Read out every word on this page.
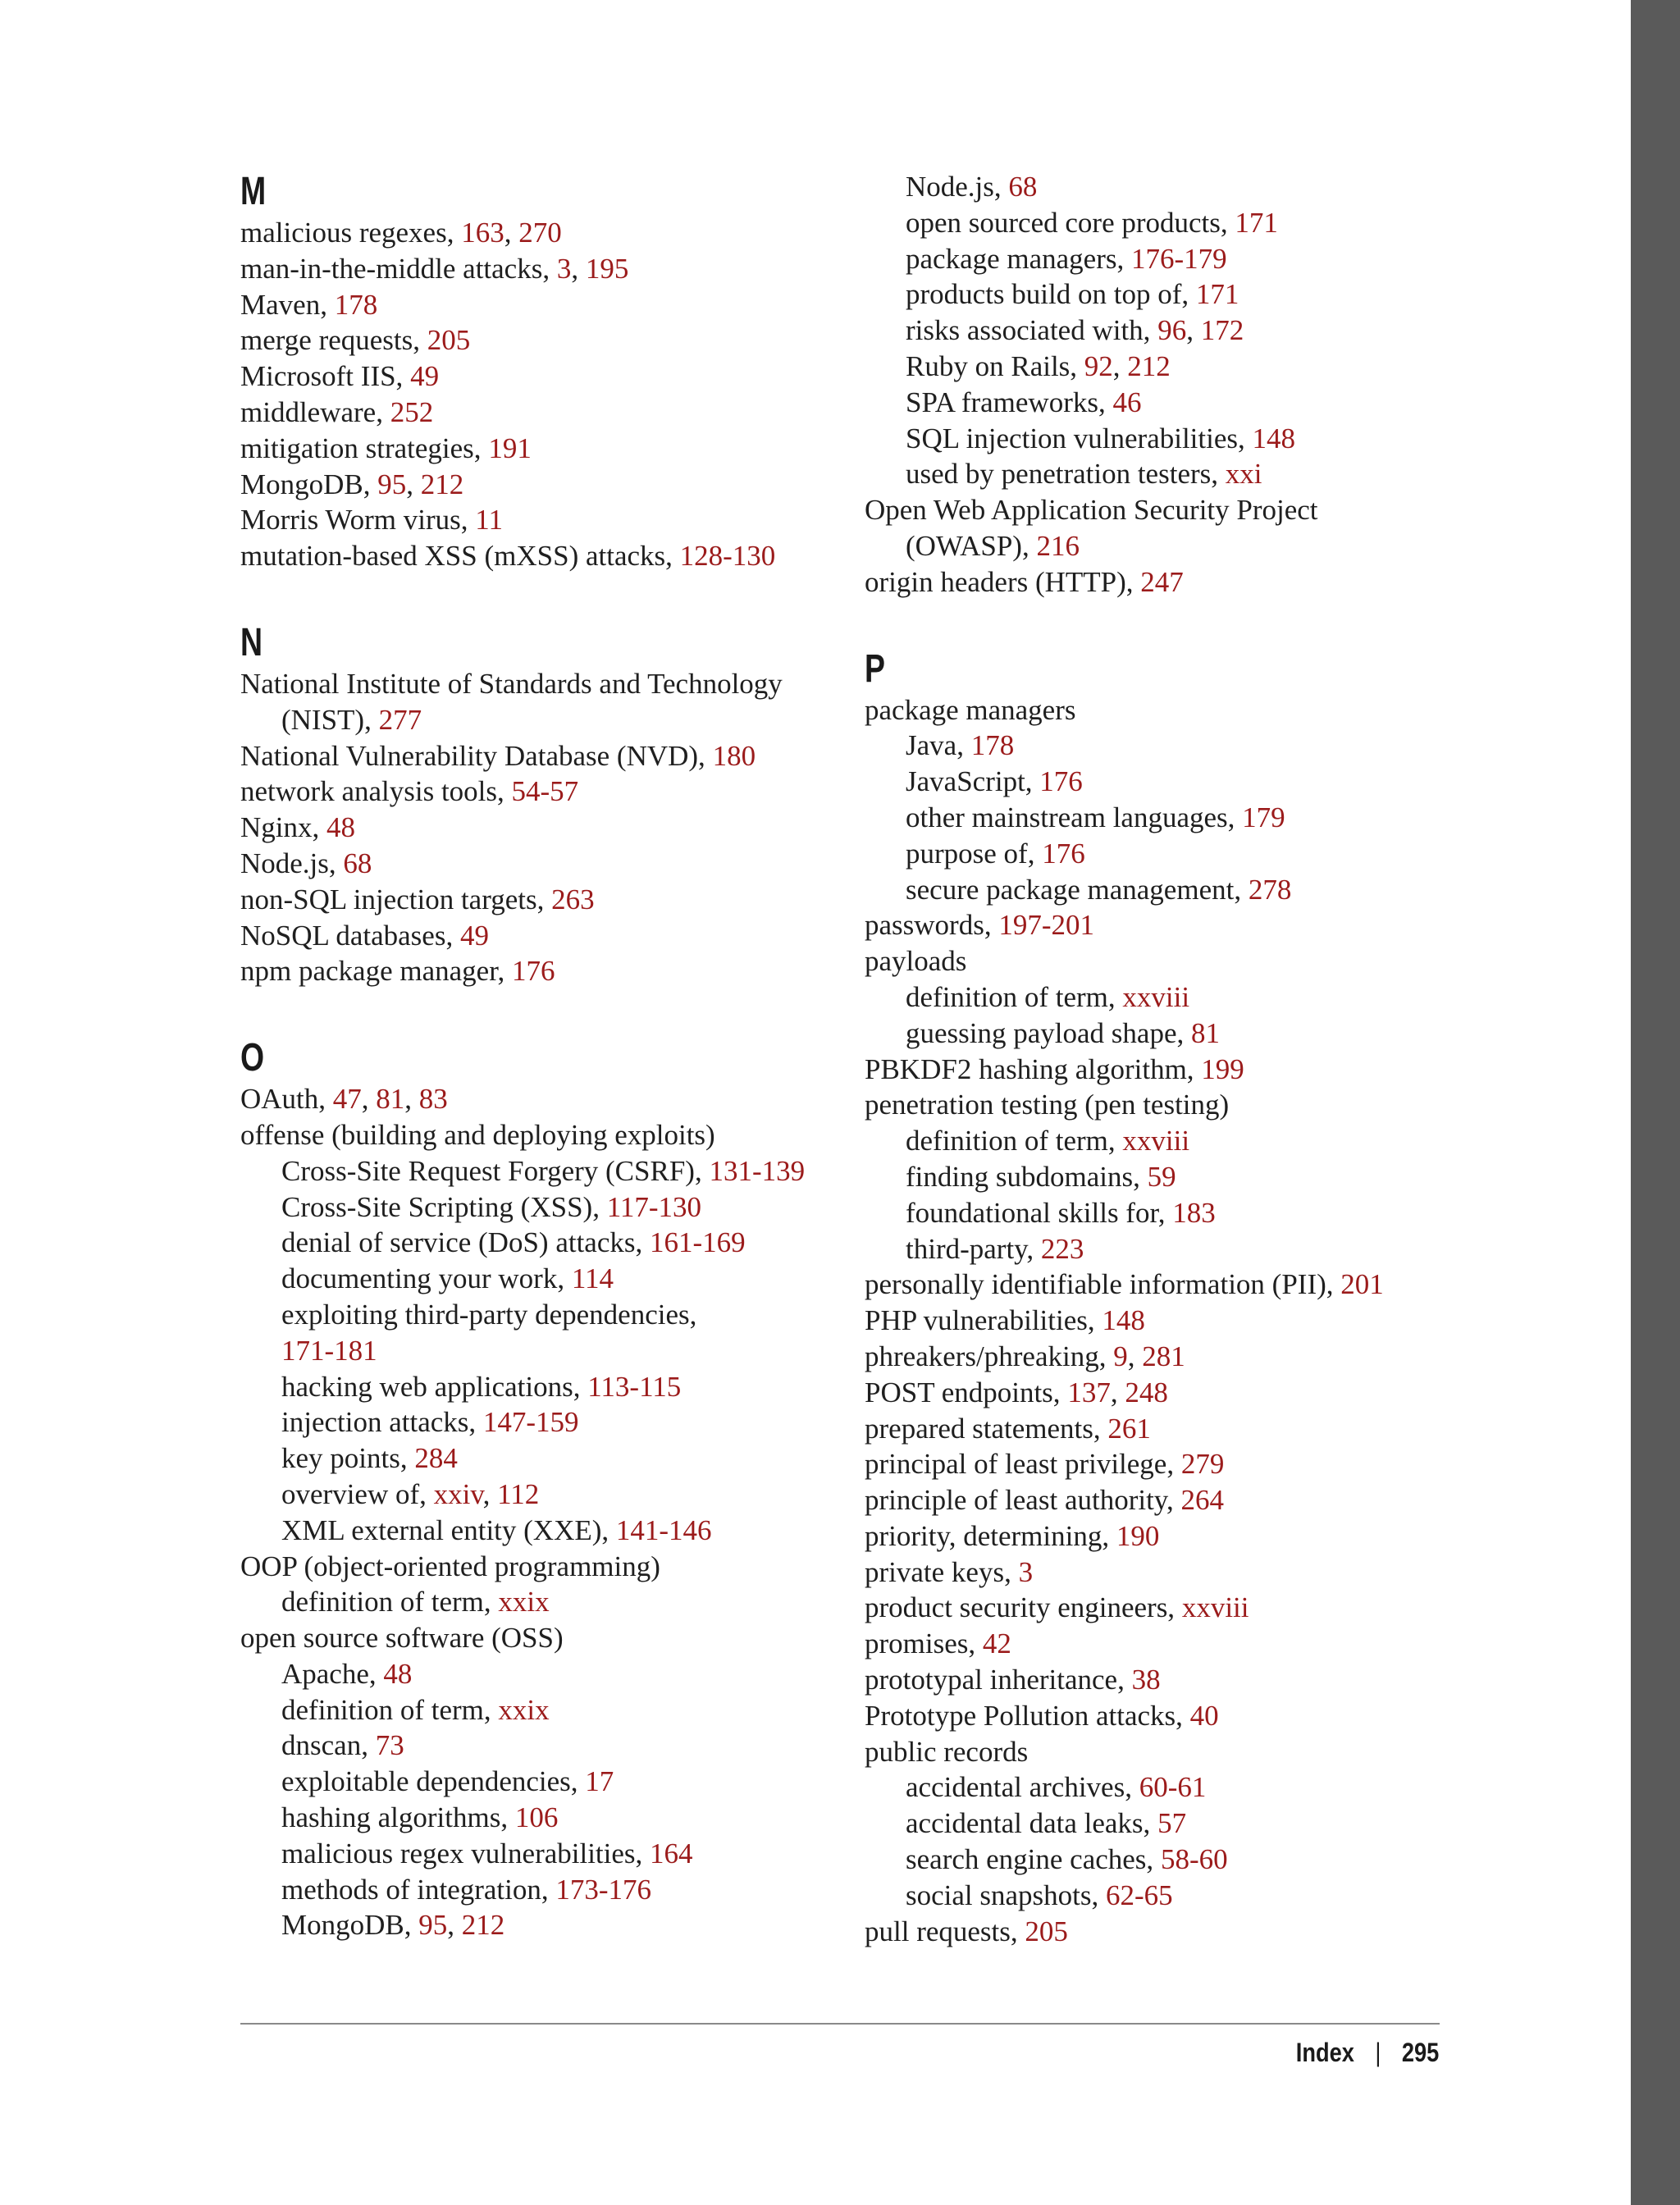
M
malicious regexes, 163, 270
man-in-the-middle attacks, 3, 195
Maven, 178
merge requests, 205
Microsoft IIS, 49
middleware, 252
mitigation strategies, 191
MongoDB, 95, 212
Morris Worm virus, 11
mutation-based XSS (mXSS) attacks, 128-130
N
National Institute of Standards and Technology
(NIST), 277
National Vulnerability Database (NVD), 180
network analysis tools, 54-57
Nginx, 48
Node.js, 68
non-SQL injection targets, 263
NoSQL databases, 49
npm package manager, 176
O
OAuth, 47, 81, 83
offense (building and deploying exploits)
Cross-Site Request Forgery (CSRF), 131-139
Cross-Site Scripting (XSS), 117-130
denial of service (DoS) attacks, 161-169
documenting your work, 114
exploiting third-party dependencies,
171-181
hacking web applications, 113-115
injection attacks, 147-159
key points, 284
overview of, xxiv, 112
XML external entity (XXE), 141-146
OOP (object-oriented programming)
definition of term, xxix
open source software (OSS)
Apache, 48
definition of term, xxix
dnscan, 73
exploitable dependencies, 17
hashing algorithms, 106
malicious regex vulnerabilities, 164
methods of integration, 173-176
MongoDB, 95, 212
Node.js, 68
open sourced core products, 171
package managers, 176-179
products build on top of, 171
risks associated with, 96, 172
Ruby on Rails, 92, 212
SPA frameworks, 46
SQL injection vulnerabilities, 148
used by penetration testers, xxi
Open Web Application Security Project
(OWASP), 216
origin headers (HTTP), 247
P
package managers
Java, 178
JavaScript, 176
other mainstream languages, 179
purpose of, 176
secure package management, 278
passwords, 197-201
payloads
definition of term, xxviii
guessing payload shape, 81
PBKDF2 hashing algorithm, 199
penetration testing (pen testing)
definition of term, xxviii
finding subdomains, 59
foundational skills for, 183
third-party, 223
personally identifiable information (PII), 201
PHP vulnerabilities, 148
phreakers/phreaking, 9, 281
POST endpoints, 137, 248
prepared statements, 261
principal of least privilege, 279
principle of least authority, 264
priority, determining, 190
private keys, 3
product security engineers, xxviii
promises, 42
prototypal inheritance, 38
Prototype Pollution attacks, 40
public records
accidental archives, 60-61
accidental data leaks, 57
search engine caches, 58-60
social snapshots, 62-65
pull requests, 205
Index | 295
